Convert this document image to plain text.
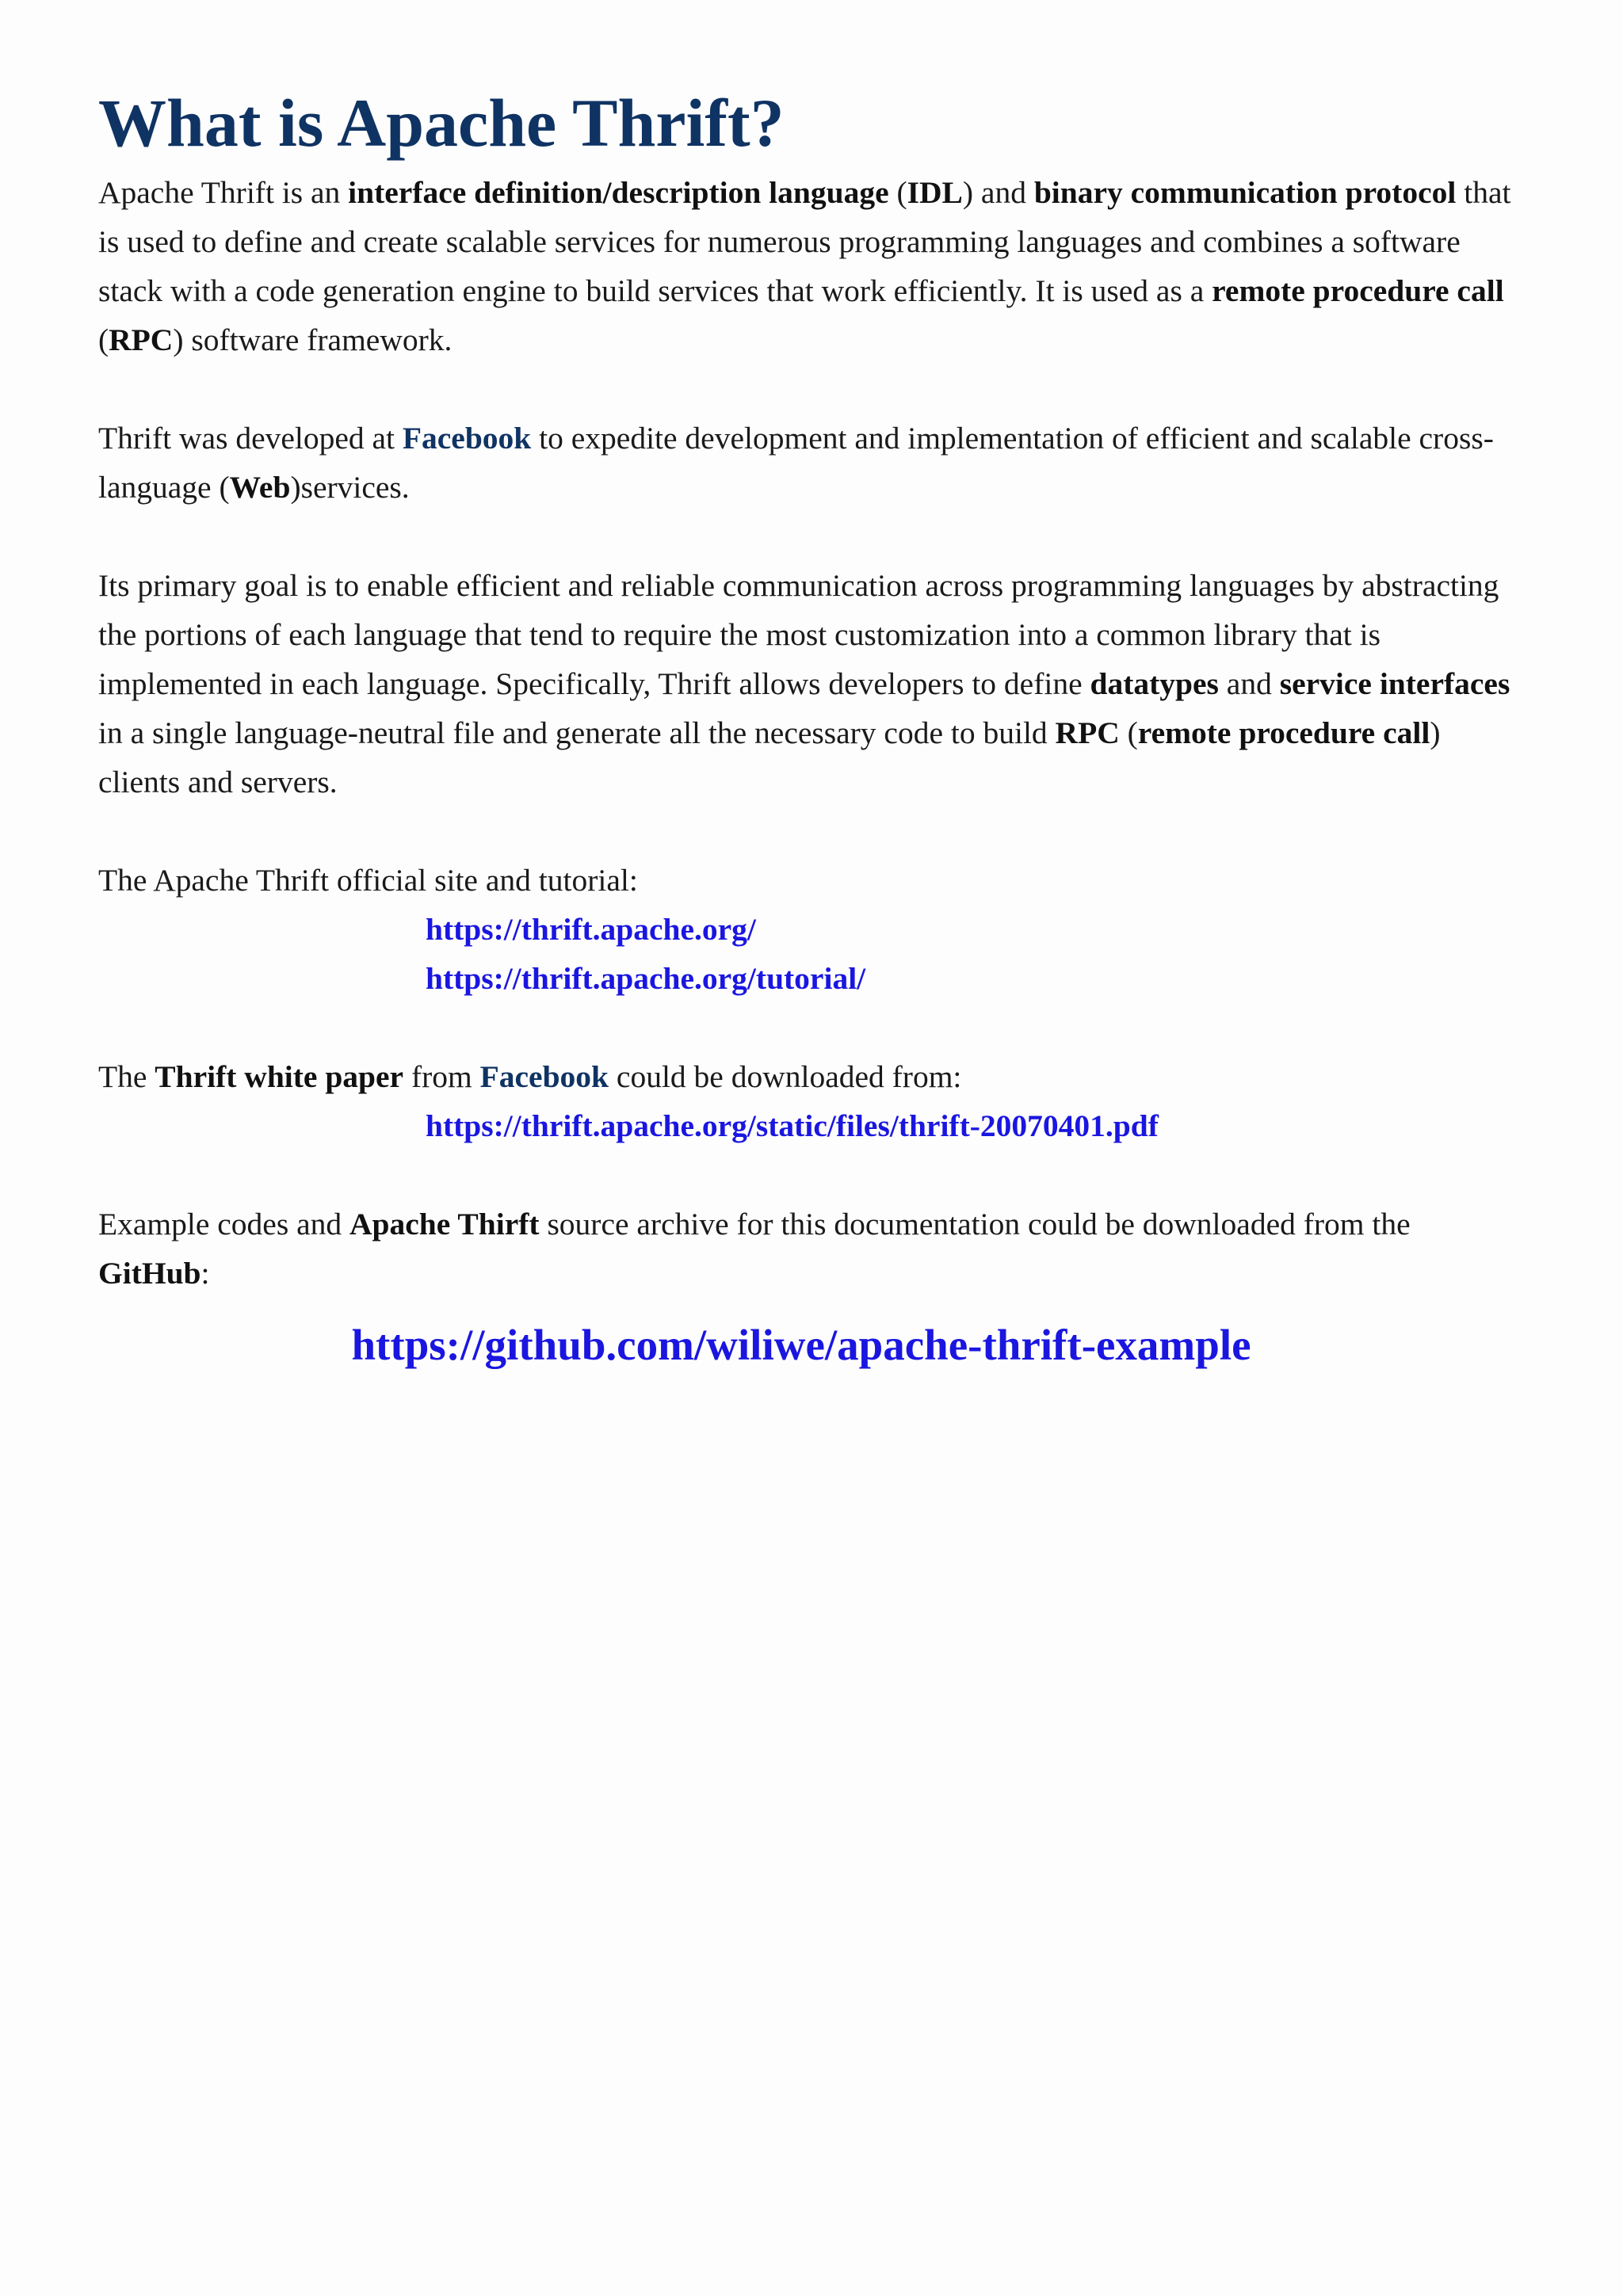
What is Apache Thrift?

Apache Thrift is an interface definition/description language (IDL) and binary communication protocol that is used to define and create scalable services for numerous programming languages and combines a software stack with a code generation engine to build services that work efficiently. It is used as a remote procedure call (RPC) software framework.

Thrift was developed at Facebook to expedite development and implementation of efficient and scalable cross-language (Web)services.

Its primary goal is to enable efficient and reliable communication across programming languages by abstracting the portions of each language that tend to require the most customization into a common library that is implemented in each language. Specifically, Thrift allows developers to define datatypes and service interfaces in a single language-neutral file and generate all the necessary code to build RPC (remote procedure call) clients and servers.

The Apache Thrift official site and tutorial:

https://thrift.apache.org/
https://thrift.apache.org/tutorial/

The Thrift white paper from Facebook could be downloaded from:

https://thrift.apache.org/static/files/thrift-20070401.pdf

Example codes and Apache Thirft source archive for this documentation could be downloaded from the GitHub:

https://github.com/wiliwe/apache-thrift-example
